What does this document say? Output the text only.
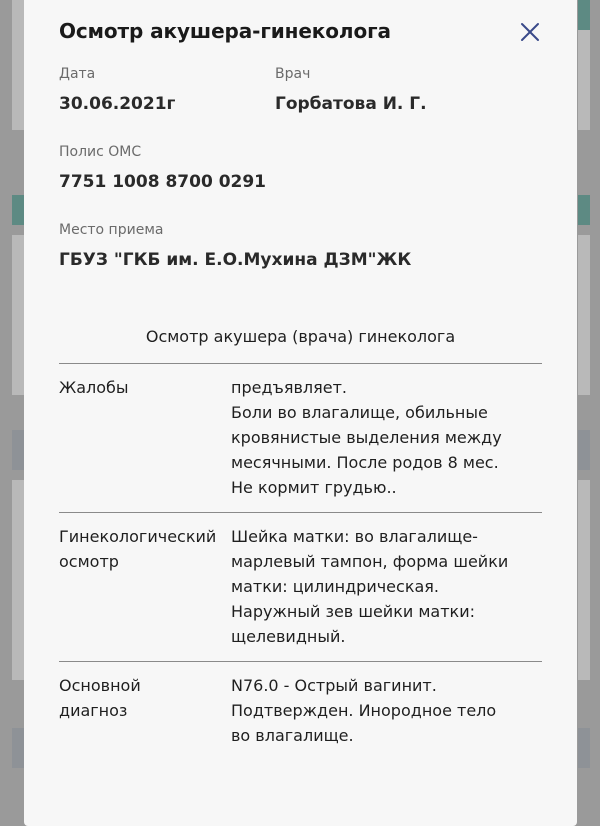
Осмотр акушера-гинеколога
Дата
30.06.2021г
Врач
Горбатова И. Г.
Полис ОМС
7751 1008 8700 0291
Место приема
ГБУЗ "ГКБ им. Е.О.Мухина ДЗМ"ЖК
Осмотр акушера (врача) гинеколога
Жалобы	предъявляет.
Боли во влагалище, обильные
кровянистые выделения между
месячными. После родов 8 мес.
Не кормит грудью..
Гинекологический
осмотр
Шейка матки: во влагалище-
марлевый тампон, форма шейки
матки: цилиндрическая.
Наружный зев шейки матки:
щелевидный.
Основной
диагноз
N76.0 - Острый вагинит.
Подтвержден. Инородное тело
во влагалище.
